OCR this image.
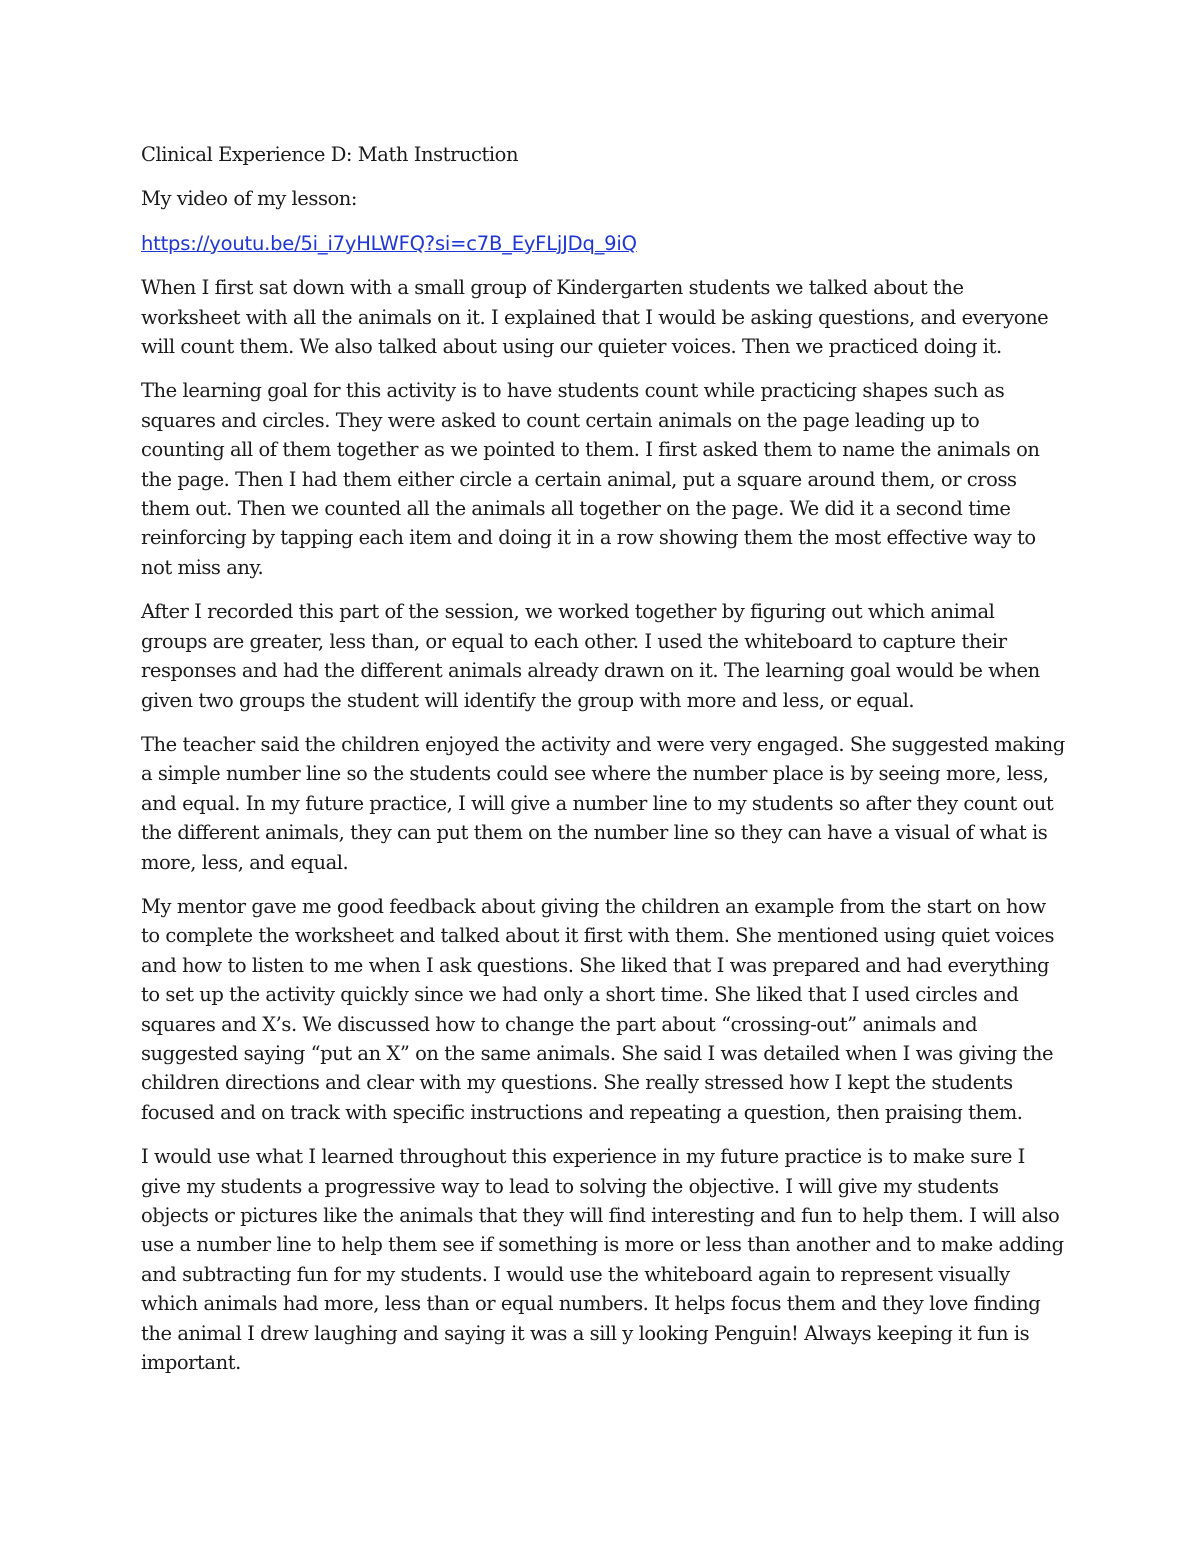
Clinical Experience D: Math Instruction

My video of my lesson:

https://youtu.be/5i_i7yHLWFQ?si=c7B_EyFLjJDq_9iQ

When I first sat down with a small group of Kindergarten students we talked about the worksheet with all the animals on it. I explained that I would be asking questions, and everyone will count them. We also talked about using our quieter voices. Then we practiced doing it.

The learning goal for this activity is to have students count while practicing shapes such as squares and circles. They were asked to count certain animals on the page leading up to counting all of them together as we pointed to them. I first asked them to name the animals on the page. Then I had them either circle a certain animal, put a square around them, or cross them out. Then we counted all the animals all together on the page. We did it a second time reinforcing by tapping each item and doing it in a row showing them the most effective way to not miss any.

After I recorded this part of the session, we worked together by figuring out which animal groups are greater, less than, or equal to each other. I used the whiteboard to capture their responses and had the different animals already drawn on it. The learning goal would be when given two groups the student will identify the group with more and less, or equal.

The teacher said the children enjoyed the activity and were very engaged. She suggested making a simple number line so the students could see where the number place is by seeing more, less, and equal. In my future practice, I will give a number line to my students so after they count out the different animals, they can put them on the number line so they can have a visual of what is more, less, and equal.

My mentor gave me good feedback about giving the children an example from the start on how to complete the worksheet and talked about it first with them. She mentioned using quiet voices and how to listen to me when I ask questions. She liked that I was prepared and had everything to set up the activity quickly since we had only a short time. She liked that I used circles and squares and X’s. We discussed how to change the part about “crossing-out” animals and suggested saying “put an X” on the same animals. She said I was detailed when I was giving the children directions and clear with my questions. She really stressed how I kept the students focused and on track with specific instructions and repeating a question, then praising them.

I would use what I learned throughout this experience in my future practice is to make sure I give my students a progressive way to lead to solving the objective. I will give my students objects or pictures like the animals that they will find interesting and fun to help them. I will also use a number line to help them see if something is more or less than another and to make adding and subtracting fun for my students. I would use the whiteboard again to represent visually which animals had more, less than or equal numbers. It helps focus them and they love finding the animal I drew laughing and saying it was a sill y looking Penguin! Always keeping it fun is important.
